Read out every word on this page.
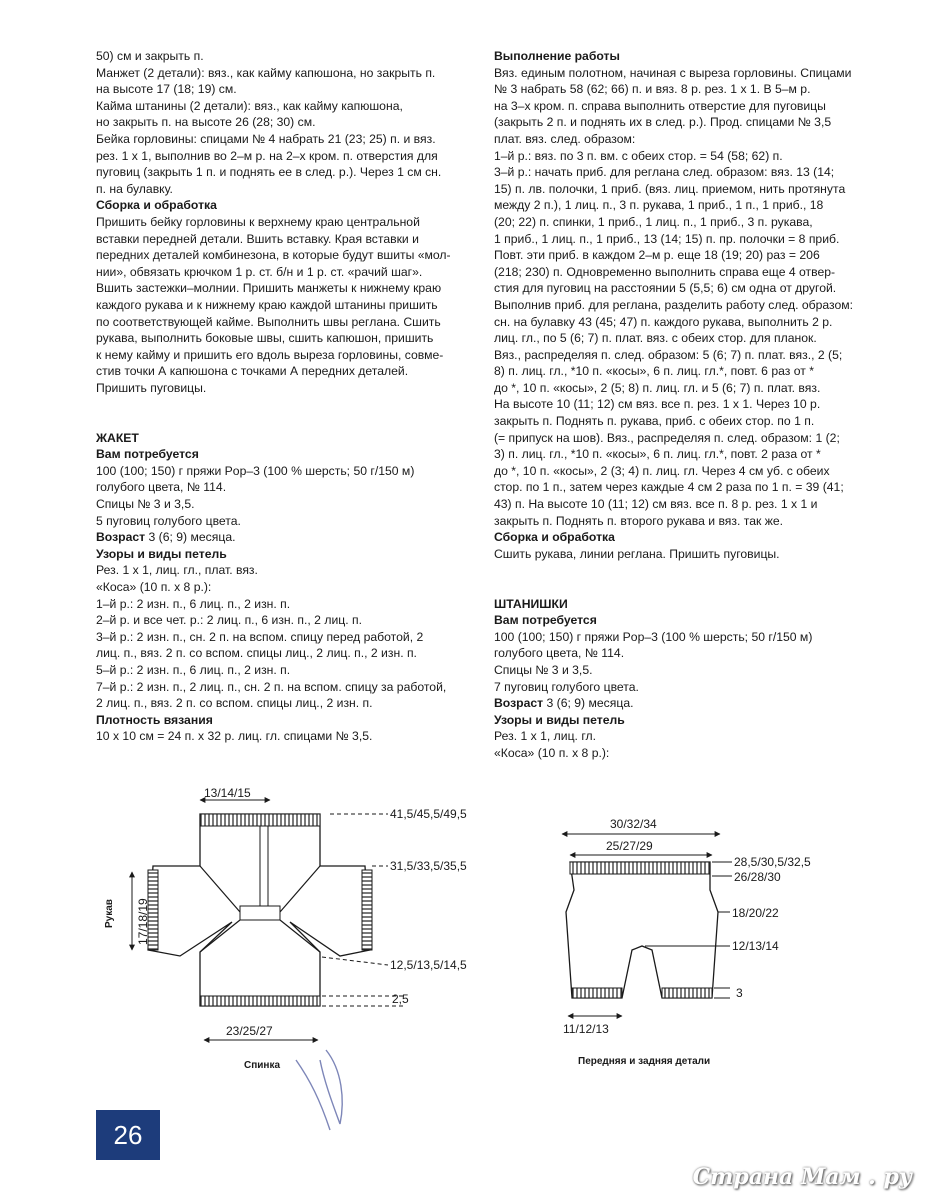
50) см и закрыть п.

Манжет (2 детали): вяз., как кайму капюшона, но закрыть п.

на высоте 17 (18; 19) см.

Кайма штанины (2 детали): вяз., как кайму капюшона,

но закрыть п. на высоте 26 (28; 30) см.

Бейка горловины: спицами № 4 набрать 21 (23; 25) п. и вяз.

рез. 1 х 1, выполнив во 2–м р. на 2–х кром. п. отверстия для

пуговиц (закрыть 1 п. и поднять ее в след. р.). Через 1 см сн.

п. на булавку.

Сборка и обработка

Пришить бейку горловины к верхнему краю центральной

вставки передней детали. Вшить вставку. Края вставки и

передних деталей комбинезона, в которые будут вшиты «мол-

нии», обвязать крючком 1 р. ст. б/н и 1 р. ст. «рачий шаг».

Вшить застежки–молнии. Пришить манжеты к нижнему краю

каждого рукава и к нижнему краю каждой штанины пришить

по соответствующей кайме. Выполнить швы реглана. Сшить

рукава, выполнить боковые швы, сшить капюшон, пришить

к нему кайму и пришить его вдоль выреза горловины, совме-

стив точки А капюшона с точками А передних деталей.

Пришить пуговицы.

ЖАКЕТ

Вам потребуется

100 (100; 150) г пряжи Pop–3 (100 % шерсть; 50 г/150 м)

голубого цвета, № 114.

Спицы № 3 и 3,5.

5 пуговиц голубого цвета.

Возраст 3 (6; 9) месяца.

Узоры и виды петель

Рез. 1 х 1, лиц. гл., плат. вяз.

«Коса» (10 п. х 8 р.):

1–й р.: 2 изн. п., 6 лиц. п., 2 изн. п.

2–й р. и все чет. р.: 2 лиц. п., 6 изн. п., 2 лиц. п.

3–й р.: 2 изн. п., сн. 2 п. на вспом. спицу перед работой, 2

лиц. п., вяз. 2 п. со вспом. спицы лиц., 2 лиц. п., 2 изн. п.

5–й р.: 2 изн. п., 6 лиц. п., 2 изн. п.

7–й р.: 2 изн. п., 2 лиц. п., сн. 2 п. на вспом. спицу за работой,

2 лиц. п., вяз. 2 п. со вспом. спицы лиц., 2 изн. п.

Плотность вязания

10 х 10 см = 24 п. х 32 р. лиц. гл. спицами № 3,5.

Выполнение работы

Вяз. единым полотном, начиная с выреза горловины. Спицами

№ 3 набрать 58 (62; 66) п. и вяз. 8 р. рез. 1 х 1. В 5–м р.

на 3–х кром. п. справа выполнить отверстие для пуговицы

(закрыть 2 п. и поднять их в след. р.). Прод. спицами № 3,5

плат. вяз. след. образом:

1–й р.: вяз. по 3 п. вм. с обеих стор. = 54 (58; 62) п.

3–й р.: начать приб. для реглана след. образом: вяз. 13 (14;

15) п. лв. полочки, 1 приб. (вяз. лиц. приемом, нить протянута

между 2 п.), 1 лиц. п., 3 п. рукава, 1 приб., 1 п., 1 приб., 18

(20; 22) п. спинки, 1 приб., 1 лиц. п., 1 приб., 3 п. рукава,

1 приб., 1 лиц. п., 1 приб., 13 (14; 15) п. пр. полочки = 8 приб.

Повт. эти приб. в каждом 2–м р. еще 18 (19; 20) раз = 206

(218; 230) п. Одновременно выполнить справа еще 4 отвер-

стия для пуговиц на расстоянии 5 (5,5; 6) см одна от другой.

Выполнив приб. для реглана, разделить работу след. образом:

сн. на булавку 43 (45; 47) п. каждого рукава, выполнить 2 р.

лиц. гл., по 5 (6; 7) п. плат. вяз. с обеих стор. для планок.

Вяз., распределяя п. след. образом: 5 (6; 7) п. плат. вяз., 2 (5;

8) п. лиц. гл., *10 п. «косы», 6 п. лиц. гл.*, повт. 6 раз от *

до *, 10 п. «косы», 2 (5; 8) п. лиц. гл. и 5 (6; 7) п. плат. вяз.

На высоте 10 (11; 12) см вяз. все п. рез. 1 х 1. Через 10 р.

закрыть п. Поднять п. рукава, приб. с обеих стор. по 1 п.

(= припуск на шов). Вяз., распределяя п. след. образом: 1 (2;

3) п. лиц. гл., *10 п. «косы», 6 п. лиц. гл.*, повт. 2 раза от *

до *, 10 п. «косы», 2 (3; 4) п. лиц. гл. Через 4 см уб. с обеих

стор. по 1 п., затем через каждые 4 см 2 раза по 1 п. = 39 (41;

43) п. На высоте 10 (11; 12) см вяз. все п. 8 р. рез. 1 х 1 и

закрыть п. Поднять п. второго рукава и вяз. так же.

Сборка и обработка

Сшить рукава, линии реглана. Пришить пуговицы.

ШТАНИШКИ

Вам потребуется

100 (100; 150) г пряжи Pop–3 (100 % шерсть; 50 г/150 м)

голубого цвета, № 114.

Спицы № 3 и 3,5.

7 пуговиц голубого цвета.

Возраст 3 (6; 9) месяца.

Узоры и виды петель

Рез. 1 х 1, лиц. гл.

«Коса» (10 п. х 8 р.):

13/14/15
41,5/45,5/49,5
31,5/33,5/35,5
12,5/13,5/14,5
2,5
17/18/19
Рукав
23/25/27
Спинка
30/32/34
25/27/29
28,5/30,5/32,5
26/28/30
18/20/22
12/13/14
3
11/12/13
Передняя и задняя детали
26
Страна Мам . ру
